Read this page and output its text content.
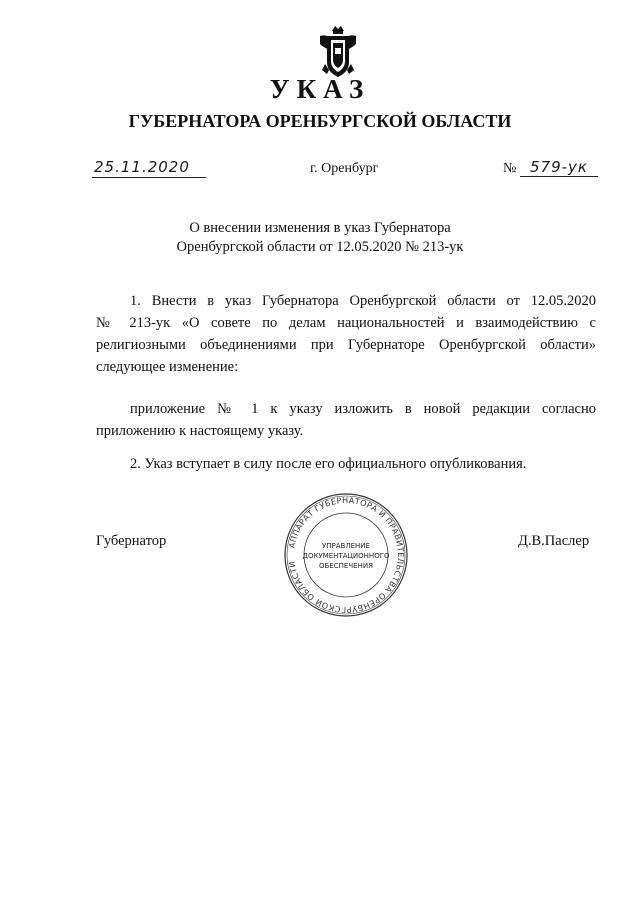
УКАЗ
ГУБЕРНАТОРА ОРЕНБУРГСКОЙ ОБЛАСТИ
25.11.2020	г. Оренбург	№ 579-ук
О внесении изменения в указ Губернатора
Оренбургской области от 12.05.2020 № 213-ук
1. Внести в указ Губернатора Оренбургской области от 12.05.2020
№ 213-ук «О совете по делам национальностей и взаимодействию с
религиозными объединениями при Губернаторе Оренбургской области»
следующее изменение:
приложение № 1 к указу изложить в новой редакции согласно
приложению к настоящему указу.
2. Указ вступает в силу после его официального опубликования.
Губернатор	Д.В.Паслер
АППАРАТ ГУБЕРНАТОРА И ПРАВИТЕЛЬСТВА ОРЕНБУРГСКОЙ ОБЛАСТИ
УПРАВЛЕНИЕ
ДОКУМЕНТАЦИОННОГО
ОБЕСПЕЧЕНИЯ
